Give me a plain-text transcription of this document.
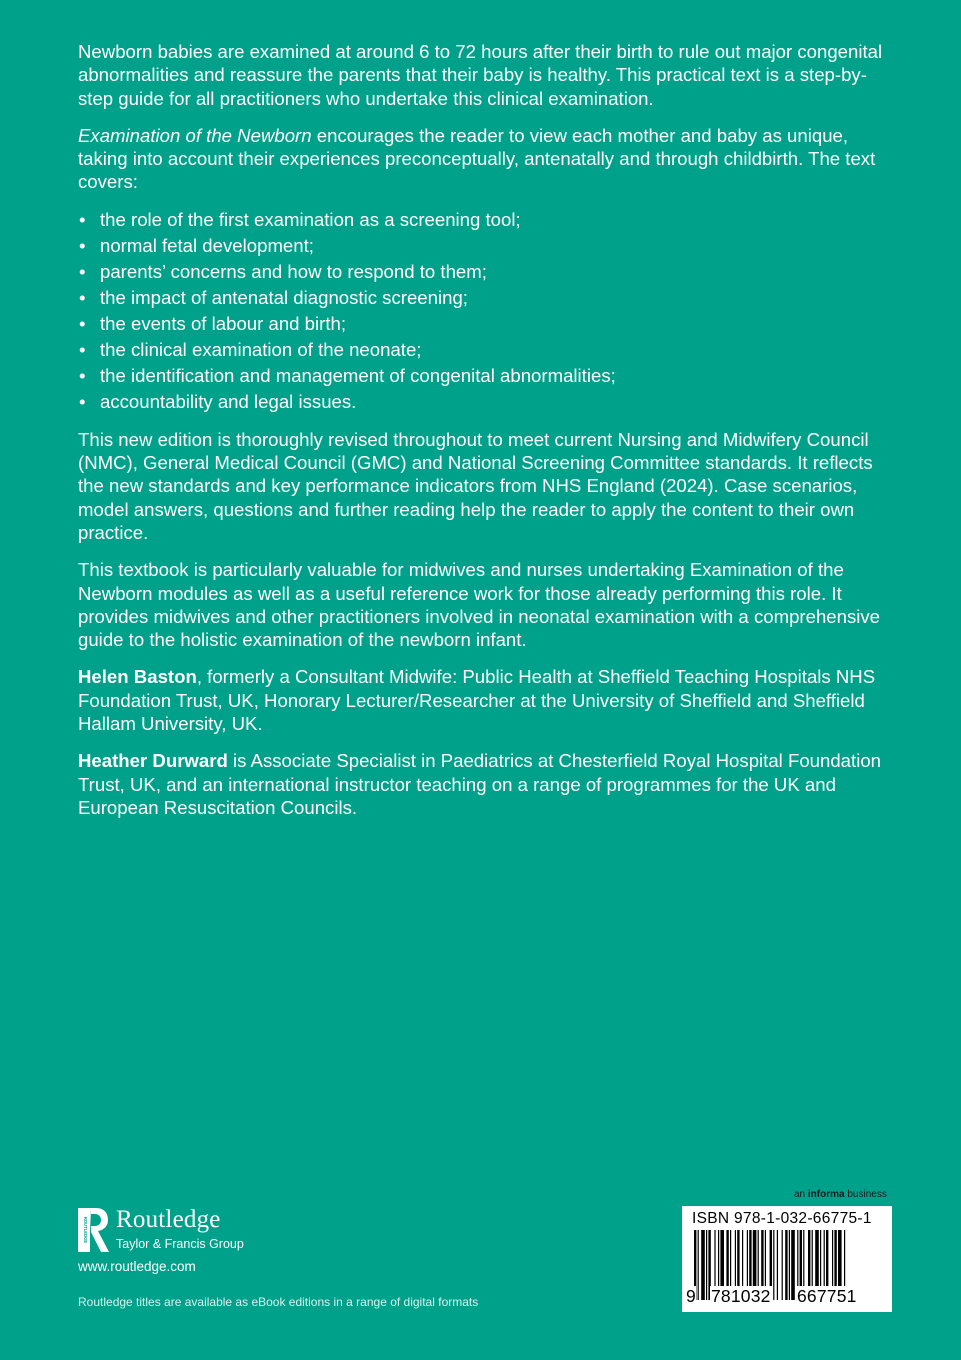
Newborn babies are examined at around 6 to 72 hours after their birth to rule out major congenital abnormalities and reassure the parents that their baby is healthy. This practical text is a step-by-step guide for all practitioners who undertake this clinical examination.

Examination of the Newborn encourages the reader to view each mother and baby as unique, taking into account their experiences preconceptually, antenatally and through childbirth. The text covers:

• the role of the first examination as a screening tool;
• normal fetal development;
• parents’ concerns and how to respond to them;
• the impact of antenatal diagnostic screening;
• the events of labour and birth;
• the clinical examination of the neonate;
• the identification and management of congenital abnormalities;
• accountability and legal issues.

This new edition is thoroughly revised throughout to meet current Nursing and Midwifery Council (NMC), General Medical Council (GMC) and National Screening Committee standards. It reflects the new standards and key performance indicators from NHS England (2024). Case scenarios, model answers, questions and further reading help the reader to apply the content to their own practice.

This textbook is particularly valuable for midwives and nurses undertaking Examination of the Newborn modules as well as a useful reference work for those already performing this role. It provides midwives and other practitioners involved in neonatal examination with a comprehensive guide to the holistic examination of the newborn infant.

Helen Baston, formerly a Consultant Midwife: Public Health at Sheffield Teaching Hospitals NHS Foundation Trust, UK, Honorary Lecturer/Researcher at the University of Sheffield and Sheffield Hallam University, UK.

Heather Durward is Associate Specialist in Paediatrics at Chesterfield Royal Hospital Foundation Trust, UK, and an international instructor teaching on a range of programmes for the UK and European Resuscitation Councils.

ROUTLEDGE Routledge
Taylor & Francis Group
www.routledge.com
Routledge titles are available as eBook editions in a range of digital formats
an informa business
ISBN 978-1-032-66775-1
9 781032 667751
